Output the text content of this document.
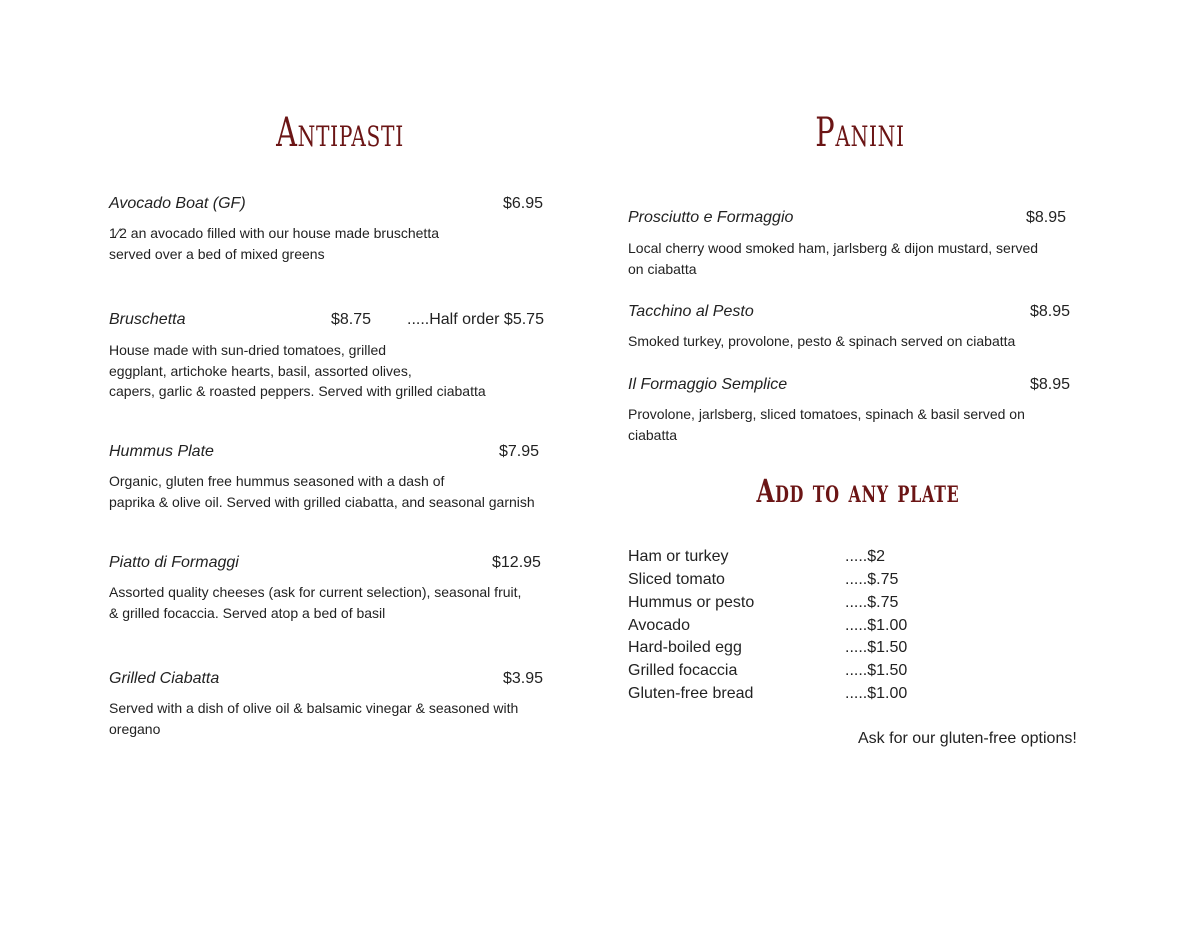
Antipasti
Avocado Boat (GF)	$6.95
1⁄2 an avocado filled with our house made bruschetta
served over a bed of mixed greens
Bruschetta	$8.75 .....Half order $5.75
House made with sun-dried tomatoes, grilled
eggplant, artichoke hearts, basil, assorted olives,
capers, garlic & roasted peppers. Served with grilled ciabatta
Hummus Plate	$7.95
Organic, gluten free hummus seasoned with a dash of
paprika & olive oil. Served with grilled ciabatta, and seasonal garnish
Piatto di Formaggi	$12.95
Assorted quality cheeses (ask for current selection), seasonal fruit,
& grilled focaccia. Served atop a bed of basil
Grilled Ciabatta	$3.95
Served with a dish of olive oil & balsamic vinegar & seasoned with
oregano
Panini
Prosciutto e Formaggio	$8.95
Local cherry wood smoked ham, jarlsberg & dijon mustard, served
on ciabatta
Tacchino al Pesto	$8.95
Smoked turkey, provolone, pesto & spinach served on ciabatta
Il Formaggio Semplice	$8.95
Provolone, jarlsberg, sliced tomatoes, spinach & basil served on
ciabatta
Add to any plate
Ham or turkey	.....$2
Sliced tomato	.....$.75
Hummus or pesto	.....$.75
Avocado	.....$1.00
Hard-boiled egg	.....$1.50
Grilled focaccia	.....$1.50
Gluten-free bread	.....$1.00
Ask for our gluten-free options!
